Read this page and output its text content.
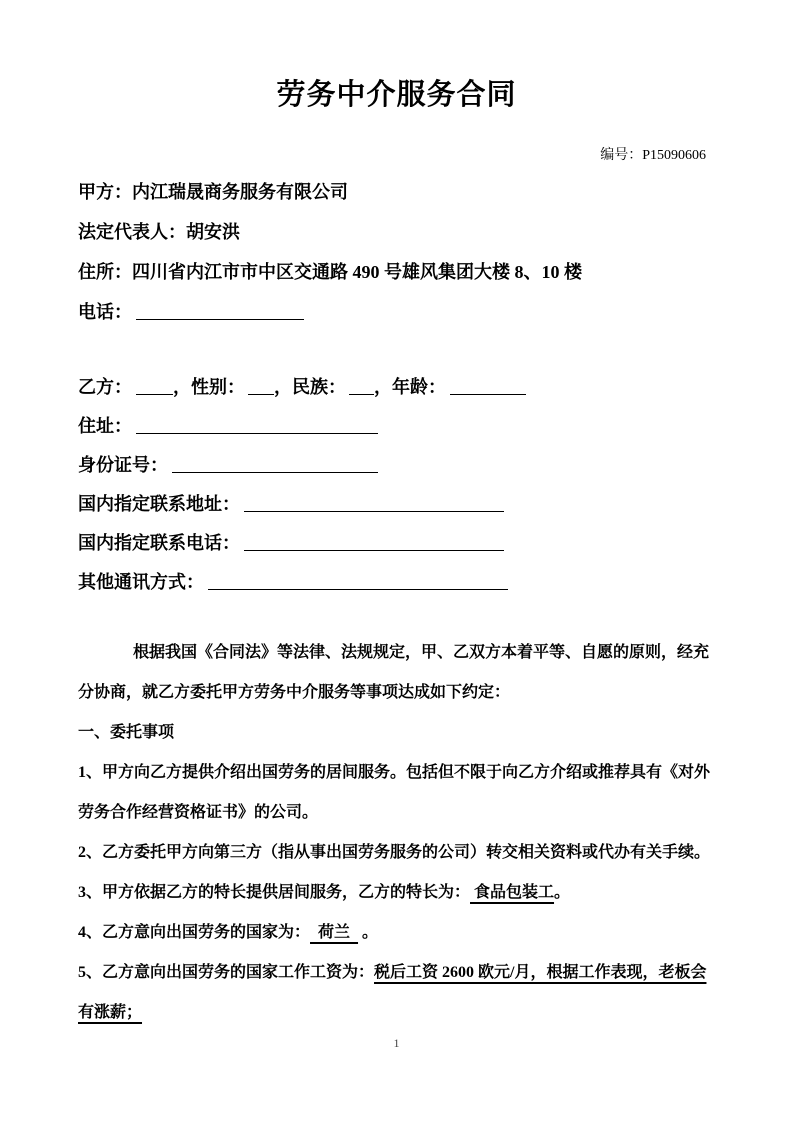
劳务中介服务合同
编号：P15090606

甲方：内江瑞晟商务服务有限公司

法定代表人：胡安洪

住所：四川省内江市市中区交通路 490 号雄风集团大楼 8、10 楼

电话：

乙方： ，性别： ，民族： ，年龄：

住址：

身份证号：

国内指定联系地址：

国内指定联系电话：

其他通讯方式：

根据我国《合同法》等法律、法规规定，甲、乙双方本着平等、自愿的原则，经充分协商，就乙方委托甲方劳务中介服务等事项达成如下约定：

一、委托事项

1、甲方向乙方提供介绍出国劳务的居间服务。包括但不限于向乙方介绍或推荐具有《对外劳务合作经营资格证书》的公司。

2、乙方委托甲方向第三方（指从事出国劳务服务的公司）转交相关资料或代办有关手续。

3、甲方依据乙方的特长提供居间服务，乙方的特长为： 食品包装工。

4、乙方意向出国劳务的国家为：  荷兰   。

5、乙方意向出国劳务的国家工作工资为：税后工资 2600 欧元/月，根据工作表现，老板会有涨薪；

1
